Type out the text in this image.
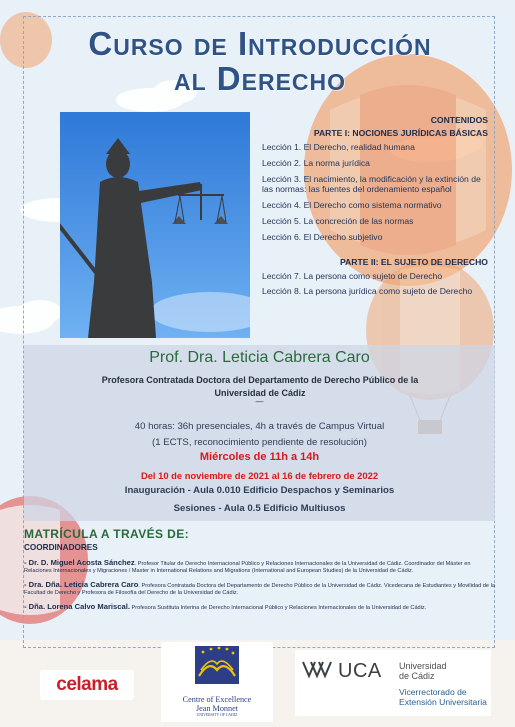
Curso de Introducción
al Derecho
CONTENIDOS
PARTE I: NOCIONES JURÍDICAS BÁSICAS
Lección 1. El Derecho, realidad humana
Lección 2. La norma jurídica
Lección 3. El nacimiento, la modificación y la extinción de las normas: las fuentes del ordenamiento español
Lección 4. El Derecho como sistema normativo
Lección 5. La concreción de las normas
Lección 6. El Derecho subjetivo
PARTE II: EL SUJETO DE DERECHO
Lección 7. La persona como sujeto de Derecho
Lección 8. La persona jurídica como sujeto de Derecho
Prof. Dra. Leticia Cabrera Caro
Profesora Contratada Doctora del Departamento de Derecho Público de la Universidad de Cádiz
—
40 horas: 36h presenciales, 4h a través de Campus Virtual
(1 ECTS, reconocimiento pendiente de resolución)
Miércoles de 11h a 14h
Del 10 de noviembre de 2021 al 16 de febrero de 2022
Inauguración - Aula 0.010 Edificio Despachos y Seminarios
Sesiones - Aula 0.5 Edificio Multiusos
MATRÍCULA A TRAVÉS DE:
COORDINADORES
- Dr. D. Miguel Acosta Sánchez. Profesor Titular de Derecho Internacional Público y Relaciones Internacionales de la Universidad de Cádiz. Coordinador del Máster en Relaciones Internacionales y Migraciones / Master in International Relations and Migrations (International and European Studies) de la Universidad de Cádiz.
- Dra. Dña. Leticia Cabrera Caro. Profesora Contratada Doctora del Departamento de Derecho Público de la Universidad de Cádiz. Vicedecana de Estudiantes y Movilidad de la Facultad de Derecho y Profesora de Filosofía del Derecho de la Universidad de Cádiz.
- Dña. Lorena Calvo Mariscal. Profesora Sustituta Interina de Derecho Internacional Público y Relaciones Internacionales de la Universidad de Cádiz.
celama
Centre of Excellence
Jean Monnet
UNIVERSITY OF CADIZ
UCA Universidad
de Cádiz
Vicerrectorado de
Extensión Universitaria
